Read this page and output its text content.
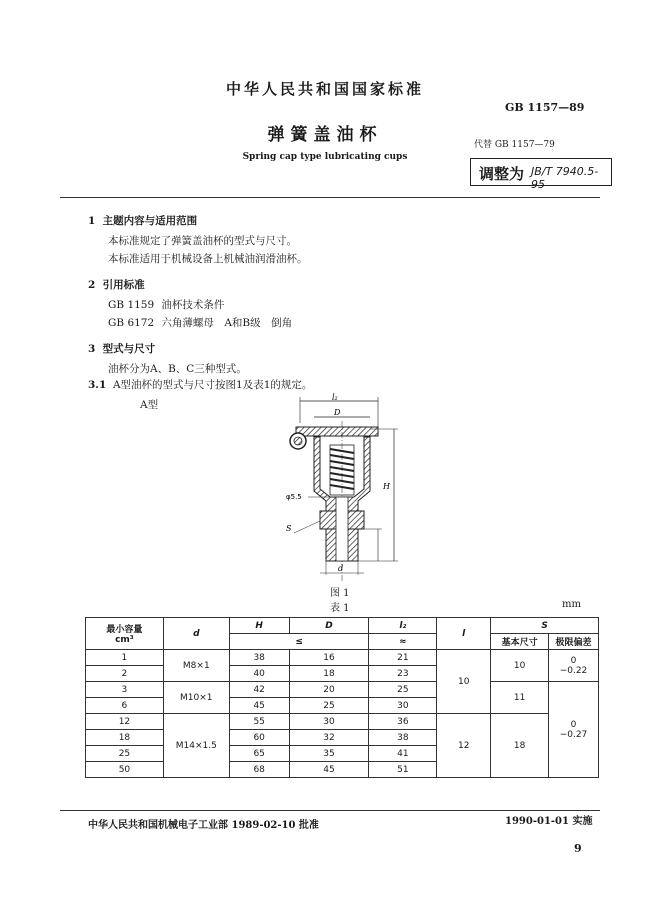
中华人民共和国国家标准
GB 1157—89
弹簧盖油杯	代替 GB 1157—79
Spring cap type lubricating cups
调整为 JB/T 7940.5-95
1 主题内容与适用范围
本标准规定了弹簧盖油杯的型式与尺寸。
本标准适用于机械设备上机械油润滑油杯。
2 引用标准
GB 1159 油杯技术条件
GB 6172 六角薄螺母　A和B级　倒角
3 型式与尺寸
油杯分为A、B、C三种型式。
3.1 A型油杯的型式与尺寸按图1及表1的规定。
A型
l₂
D
H
φ5.5
S
d
图 1
表 1	mm
最小容量
cm³	d	H	D	l₂	l	S	
		≤		≈		基本尺寸	极限偏差
1	M8×1	38	16	21	10	10	0
−0.22
2		40	18	23			
3	M10×1	42	20	25		11	0
−0.27
6		45	25	30			
12	M14×1.5	55	30	36	12	18	
18		60	32	38			
25		65	35	41			
50		68	45	51			
中华人民共和国机械电子工业部 1989-02-10 批准	1990-01-01 实施
9
